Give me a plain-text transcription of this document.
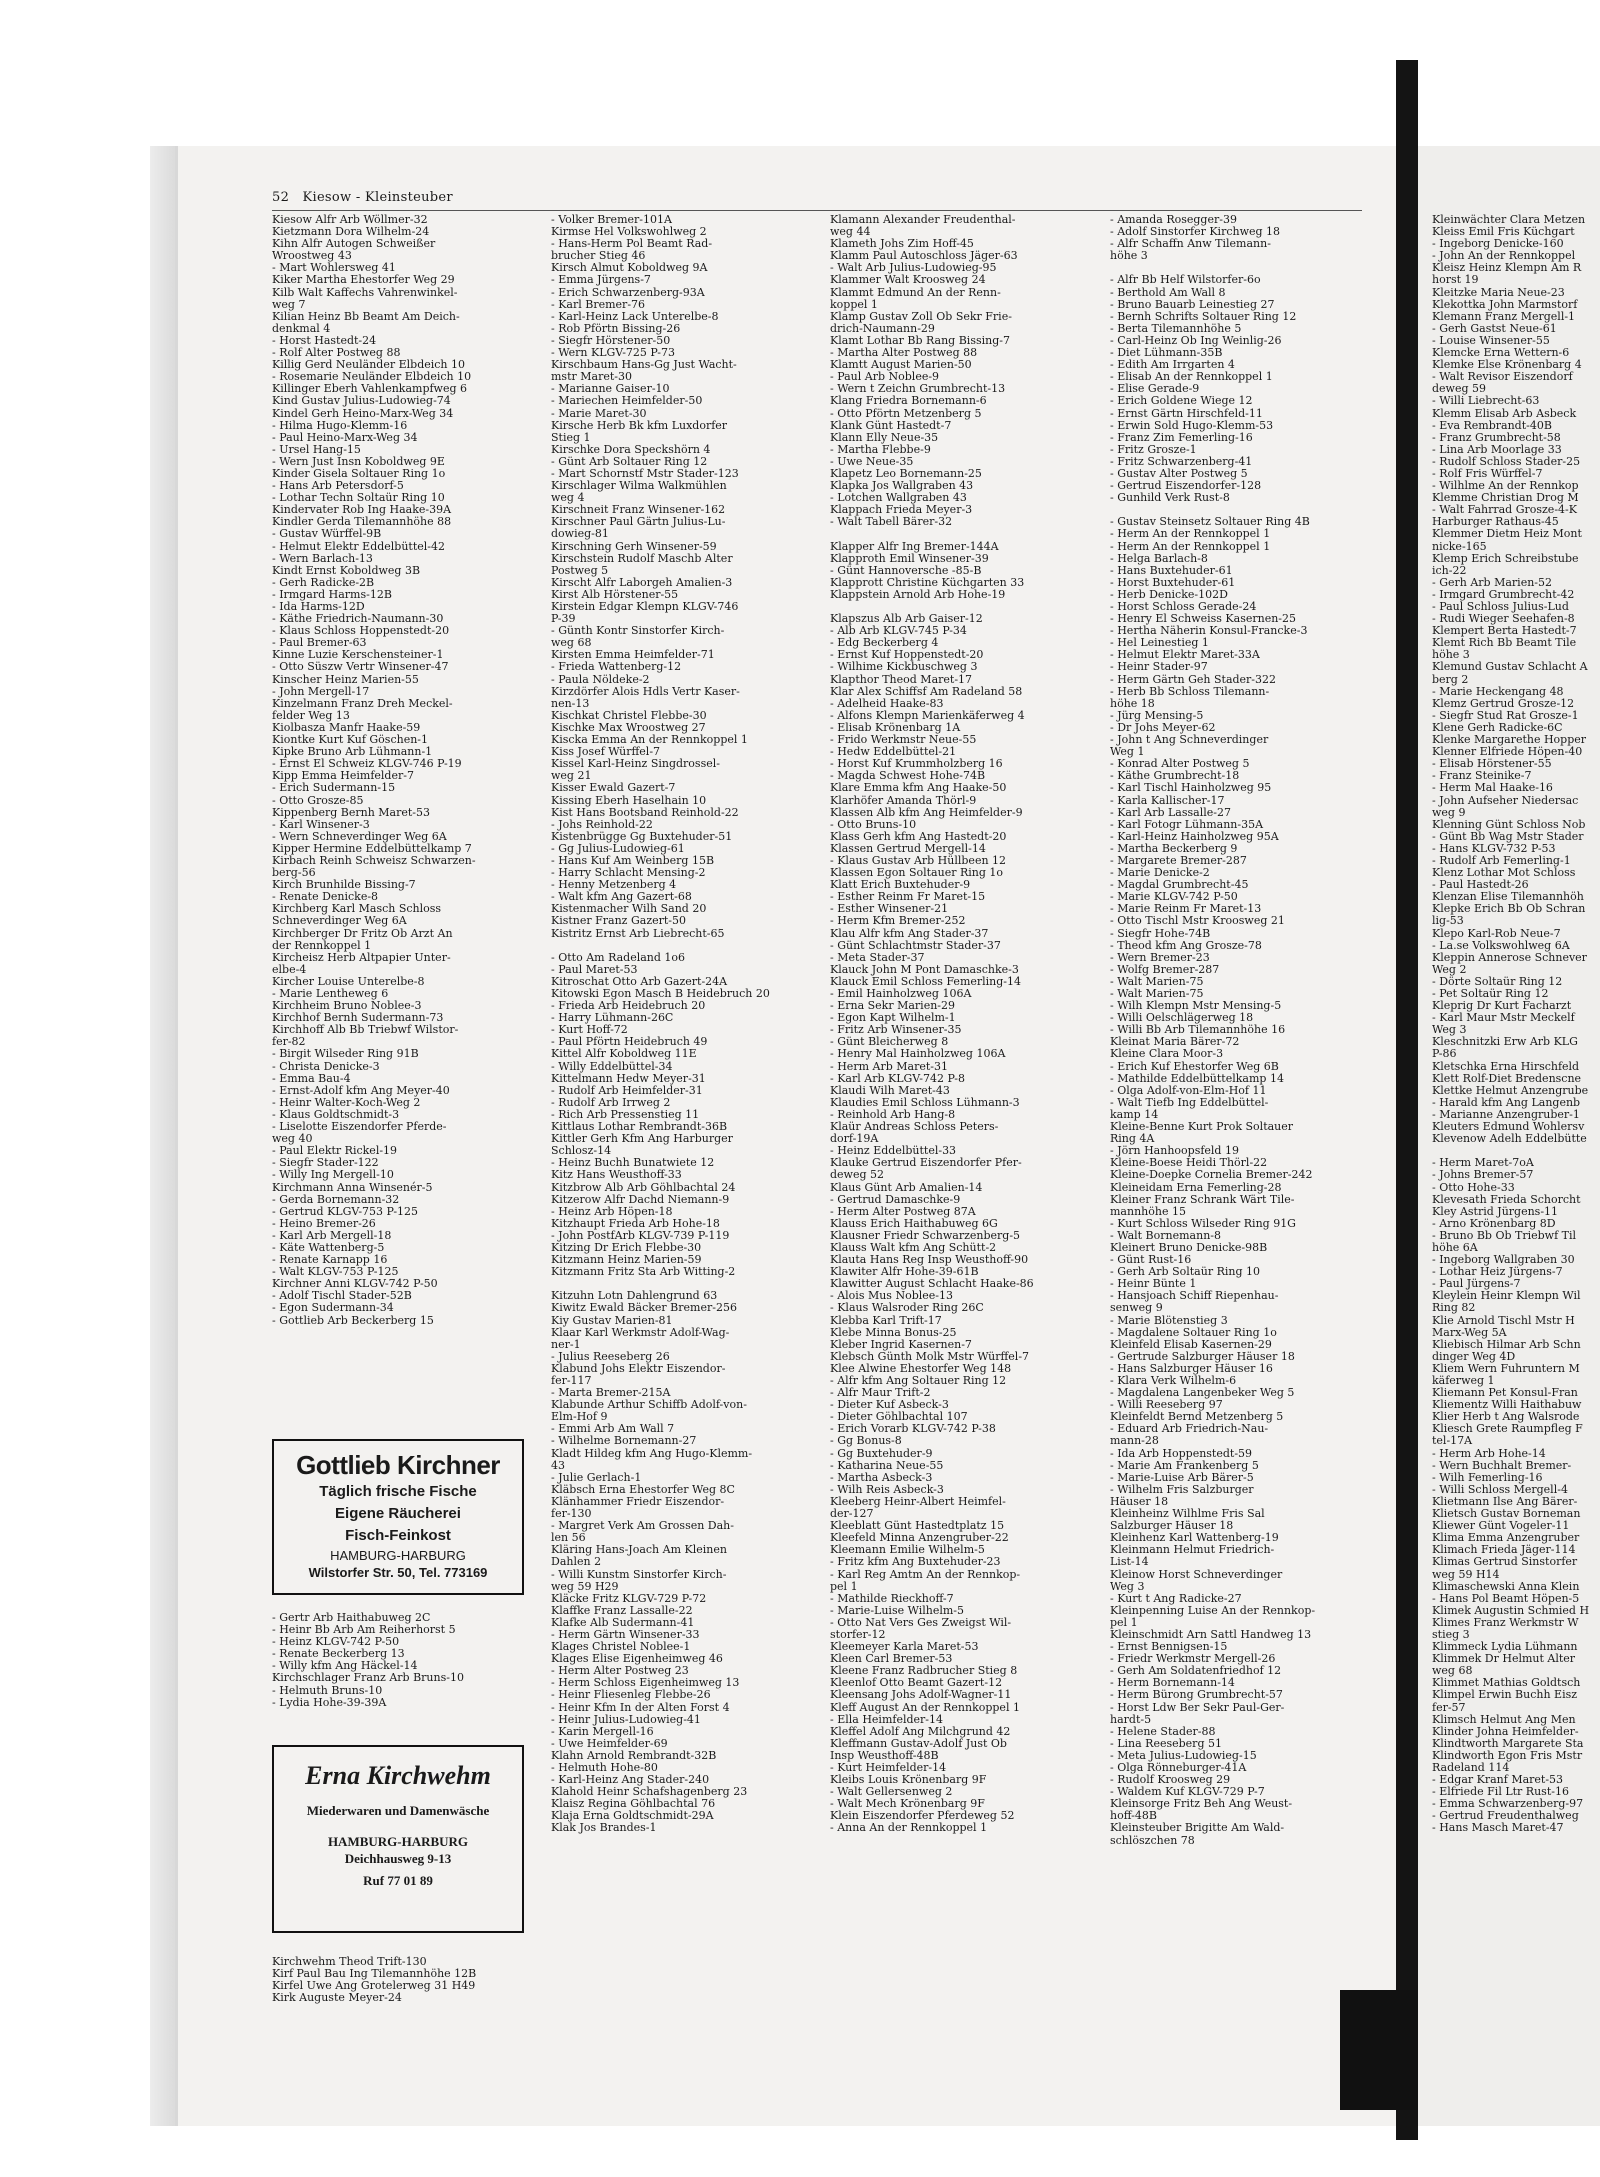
52 Kiesow - Kleinsteuber
Kiesow Alfr Arb Wöllmer-32
Kietzmann Dora Wilhelm-24
Kihn Alfr Autogen Schweißer
Wroostweg 43
- Mart Wohlersweg 41
Kiker Martha Ehestorfer Weg 29
Kilb Walt Kaffechs Vahrenwinkel-
weg 7
Kilian Heinz Bb Beamt Am Deich-
denkmal 4
- Horst Hastedt-24
- Rolf Alter Postweg 88
Killig Gerd Neuländer Elbdeich 10
- Rosemarie Neuländer Elbdeich 10
Killinger Eberh Vahlenkampfweg 6
Kind Gustav Julius-Ludowieg-74
Kindel Gerh Heino-Marx-Weg 34
- Hilma Hugo-Klemm-16
- Paul Heino-Marx-Weg 34
- Ursel Hang-15
- Wern Just Insn Koboldweg 9E
Kinder Gisela Soltauer Ring 1o
- Hans Arb Petersdorf-5
- Lothar Techn Soltaür Ring 10
Kindervater Rob Ing Haake-39A
Kindler Gerda Tilemannhöhe 88
- Gustav Würffel-9B
- Helmut Elektr Eddelbüttel-42
- Wern Barlach-13
Kindt Ernst Koboldweg 3B
- Gerh Radicke-2B
- Irmgard Harms-12B
- Ida Harms-12D
- Käthe Friedrich-Naumann-30
- Klaus Schloss Hoppenstedt-20
- Paul Bremer-63
Kinne Luzie Kerschensteiner-1
- Otto Süszw Vertr Winsener-47
Kinscher Heinz Marien-55
- John Mergell-17
Kinzelmann Franz Dreh Meckel-
felder Weg 13
Kiolbasza Manfr Haake-59
Kiontke Kurt Kuf Göschen-1
Kipke Bruno Arb Lühmann-1
- Ernst El Schweiz KLGV-746 P-19
Kipp Emma Heimfelder-7
- Erich Sudermann-15
- Otto Grosze-85
Kippenberg Bernh Maret-53
- Karl Winsener-3
- Wern Schneverdinger Weg 6A
Kipper Hermine Eddelbüttelkamp 7
Kirbach Reinh Schweisz Schwarzen-
berg-56
Kirch Brunhilde Bissing-7
- Renate Denicke-8
Kirchberg Karl Masch Schloss
Schneverdinger Weg 6A
Kirchberger Dr Fritz Ob Arzt An
der Rennkoppel 1
Kircheisz Herb Altpapier Unter-
elbe-4
Kircher Louise Unterelbe-8
- Marie Lentheweg 6
Kirchheim Bruno Noblee-3
Kirchhof Bernh Sudermann-73
Kirchhoff Alb Bb Triebwf Wilstor-
fer-82
- Birgit Wilseder Ring 91B
- Christa Denicke-3
- Emma Bau-4
- Ernst-Adolf kfm Ang Meyer-40
- Heinr Walter-Koch-Weg 2
- Klaus Goldtschmidt-3
- Liselotte Eiszendorfer Pferde-
weg 40
- Paul Elektr Rickel-19
- Siegfr Stader-122
- Willy Ing Mergell-10
Kirchmann Anna Winsenér-5
- Gerda Bornemann-32
- Gertrud KLGV-753 P-125
- Heino Bremer-26
- Karl Arb Mergell-18
- Käte Wattenberg-5
- Renate Karnapp 16
- Walt KLGV-753 P-125
Kirchner Anni KLGV-742 P-50
- Adolf Tischl Stader-52B
- Egon Sudermann-34
- Gottlieb Arb Beckerberg 15
Gottlieb Kirchner
Täglich frische Fische
Eigene Räucherei
Fisch-Feinkost
HAMBURG-HARBURG
Wilstorfer Str. 50, Tel. 773169
- Gertr Arb Haithabuweg 2C
- Heinr Bb Arb Am Reiherhorst 5
- Heinz KLGV-742 P-50
- Renate Beckerberg 13
- Willy kfm Ang Häckel-14
Kirchschlager Franz Arb Bruns-10
- Helmuth Bruns-10
- Lydia Hohe-39-39A
Erna Kirchwehm
Miederwaren und Damenwäsche
HAMBURG-HARBURG
Deichhausweg 9-13
Ruf 77 01 89
Kirchwehm Theod Trift-130
Kirf Paul Bau Ing Tilemannhöhe 12B
Kirfel Uwe Ang Grotelerweg 31 H49
Kirk Auguste Meyer-24
- Volker Bremer-101A
Kirmse Hel Volkswohlweg 2
- Hans-Herm Pol Beamt Rad-
brucher Stieg 46
Kirsch Almut Koboldweg 9A
- Emma Jürgens-7
- Erich Schwarzenberg-93A
- Karl Bremer-76
- Karl-Heinz Lack Unterelbe-8
- Rob Pförtn Bissing-26
- Siegfr Hörstener-50
- Wern KLGV-725 P-73
Kirschbaum Hans-Gg Just Wacht-
mstr Maret-30
- Marianne Gaiser-10
- Mariechen Heimfelder-50
- Marie Maret-30
Kirsche Herb Bk kfm Luxdorfer
Stieg 1
Kirschke Dora Speckshörn 4
- Günt Arb Soltauer Ring 12
- Mart Schornstf Mstr Stader-123
Kirschlager Wilma Walkmühlen
weg 4
Kirschneit Franz Winsener-162
Kirschner Paul Gärtn Julius-Lu-
dowieg-81
Kirschning Gerh Winsener-59
Kirschstein Rudolf Maschb Alter
Postweg 5
Kirscht Alfr Laborgeh Amalien-3
Kirst Alb Hörstener-55
Kirstein Edgar Klempn KLGV-746
P-39
- Günth Kontr Sinstorfer Kirch-
weg 68
Kirsten Emma Heimfelder-71
- Frieda Wattenberg-12
- Paula Nöldeke-2
Kirzdörfer Alois Hdls Vertr Kaser-
nen-13
Kischkat Christel Flebbe-30
Kischke Max Wroostweg 27
Kiscka Emma An der Rennkoppel 1
Kiss Josef Würffel-7
Kissel Karl-Heinz Singdrossel-
weg 21
Kisser Ewald Gazert-7
Kissing Eberh Haselhain 10
Kist Hans Bootsband Reinhold-22
- Johs Reinhold-22
Kistenbrügge Gg Buxtehuder-51
- Gg Julius-Ludowieg-61
- Hans Kuf Am Weinberg 15B
- Harry Schlacht Mensing-2
- Henny Metzenberg 4
- Walt kfm Ang Gazert-68
Kistenmacher Wilh Sand 20
Kistner Franz Gazert-50
Kistritz Ernst Arb Liebrecht-65

- Otto Am Radeland 1o6
- Paul Maret-53
Kitroschat Otto Arb Gazert-24A
Kitowski Egon Masch B Heidebruch 20
- Frieda Arb Heidebruch 20
- Harry Lühmann-26C
- Kurt Hoff-72
- Paul Pförtn Heidebruch 49
Kittel Alfr Koboldweg 11E
- Willy Eddelbüttel-34
Kittelmann Hedw Meyer-31
- Rudolf Arb Heimfelder-31
- Rudolf Arb Irrweg 2
- Rich Arb Pressenstieg 11
Kittlaus Lothar Rembrandt-36B
Kittler Gerh Kfm Ang Harburger
Schlosz-14
- Heinz Buchh Bunatwiete 12
Kitz Hans Weusthoff-33
Kitzbrow Alb Arb Göhlbachtal 24
Kitzerow Alfr Dachd Niemann-9
- Heinz Arb Höpen-18
Kitzhaupt Frieda Arb Hohe-18
- John PostfArb KLGV-739 P-119
Kitzing Dr Erich Flebbe-30
Kitzmann Heinz Marien-59
Kitzmann Fritz Sta Arb Witting-2

Kitzuhn Lotn Dahlengrund 63
Kiwitz Ewald Bäcker Bremer-256
Kiy Gustav Marien-81
Klaar Karl Werkmstr Adolf-Wag-
ner-1
- Julius Reeseberg 26
Klabund Johs Elektr Eiszendor-
fer-117
- Marta Bremer-215A
Klabunde Arthur Schiffb Adolf-von-
Elm-Hof 9
- Emmi Arb Am Wall 7
- Wilhelme Bornemann-27
Kladt Hildeg kfm Ang Hugo-Klemm-
43
- Julie Gerlach-1
Kläbsch Erna Ehestorfer Weg 8C
Klänhammer Friedr Eiszendor-
fer-130
- Margret Verk Am Grossen Dah-
len 56
Kläring Hans-Joach Am Kleinen
Dahlen 2
- Willi Kunstm Sinstorfer Kirch-
weg 59 H29
Kläcke Fritz KLGV-729 P-72
Klaffke Franz Lassalle-22
Klafke Alb Sudermann-41
- Herm Gärtn Winsener-33
Klages Christel Noblee-1
Klages Elise Eigenheimweg 46
- Herm Alter Postweg 23
- Herm Schloss Eigenheimweg 13
- Heinr Fliesenleg Flebbe-26
- Heinr Kfm In der Alten Forst 4
- Heinr Julius-Ludowieg-41
- Karin Mergell-16
- Uwe Heimfelder-69
Klahn Arnold Rembrandt-32B
- Helmuth Hohe-80
- Karl-Heinz Ang Stader-240
Klahold Heinr Schafshagenberg 23
Klaisz Regina Göhlbachtal 76
Klaja Erna Goldtschmidt-29A
Klak Jos Brandes-1
Klamann Alexander Freudenthal-
weg 44
Klameth Johs Zim Hoff-45
Klamm Paul Autoschloss Jäger-63
- Walt Arb Julius-Ludowieg-95
Klammer Walt Kroosweg 24
Klammt Edmund An der Renn-
koppel 1
Klamp Gustav Zoll Ob Sekr Frie-
drich-Naumann-29
Klamt Lothar Bb Rang Bissing-7
- Martha Alter Postweg 88
Klamtt August Marien-50
- Paul Arb Noblee-9
- Wern t Zeichn Grumbrecht-13
Klang Friedra Bornemann-6
- Otto Pförtn Metzenberg 5
Klank Günt Hastedt-7
Klann Elly Neue-35
- Martha Flebbe-9
- Uwe Neue-35
Klapetz Leo Bornemann-25
Klapka Jos Wallgraben 43
- Lotchen Wallgraben 43
Klappach Frieda Meyer-3
- Walt Tabell Bärer-32

Klapper Alfr Ing Bremer-144A
Klapproth Emil Winsener-39
- Günt Hannoversche -85-B
Klapprott Christine Küchgarten 33
Klappstein Arnold Arb Hohe-19

Klapszus Alb Arb Gaiser-12
- Alb Arb KLGV-745 P-34
- Edg Beckerberg 4
- Ernst Kuf Hoppenstedt-20
- Wilhime Kickbuschweg 3
Klapthor Theod Maret-17
Klar Alex Schiffsf Am Radeland 58
- Adelheid Haake-83
- Alfons Klempn Marienkäferweg 4
- Elisab Krönenbarg 1A
- Frido Werkmstr Neue-55
- Hedw Eddelbüttel-21
- Horst Kuf Krummholzberg 16
- Magda Schwest Hohe-74B
Klare Emma kfm Ang Haake-50
Klarhöfer Amanda Thörl-9
Klassen Alb kfm Ang Heimfelder-9
- Otto Bruns-10
Klass Gerh kfm Ang Hastedt-20
Klassen Gertrud Mergell-14
- Klaus Gustav Arb Hüllbeen 12
Klassen Egon Soltauer Ring 1o
Klatt Erich Buxtehuder-9
- Esther Reinm Fr Maret-15
- Esther Winsener-21
- Herm Kfm Bremer-252
Klau Alfr kfm Ang Stader-37
- Günt Schlachtmstr Stader-37
- Meta Stader-37
Klauck John M Pont Damaschke-3
Klauck Emil Schloss Femerling-14
- Emil Hainholzweg 106A
- Erna Sekr Marien-29
- Egon Kapt Wilhelm-1
- Fritz Arb Winsener-35
- Günt Bleicherweg 8
- Henry Mal Hainholzweg 106A
- Herm Arb Maret-31
- Karl Arb KLGV-742 P-8
Klaudi Wilh Maret-43
Klaudies Emil Schloss Lühmann-3
- Reinhold Arb Hang-8
Klaür Andreas Schloss Peters-
dorf-19A
- Heinz Eddelbüttel-33
Klauke Gertrud Eiszendorfer Pfer-
deweg 52
Klaus Günt Arb Amalien-14
- Gertrud Damaschke-9
- Herm Alter Postweg 87A
Klauss Erich Haithabuweg 6G
Klausner Friedr Schwarzenberg-5
Klauss Walt kfm Ang Schütt-2
Klauta Hans Reg Insp Weusthoff-90
Klawiter Alfr Hohe-39-61B
Klawitter August Schlacht Haake-86
- Alois Mus Noblee-13
- Klaus Walsroder Ring 26C
Klebba Karl Trift-17
Klebe Minna Bonus-25
Kleber Ingrid Kasernen-7
Klebsch Günth Molk Mstr Würffel-7
Klee Alwine Ehestorfer Weg 148
- Alfr kfm Ang Soltauer Ring 12
- Alfr Maur Trift-2
- Dieter Kuf Asbeck-3
- Dieter Göhlbachtal 107
- Erich Vorarb KLGV-742 P-38
- Gg Bonus-8
- Gg Buxtehuder-9
- Katharina Neue-55
- Martha Asbeck-3
- Wilh Reis Asbeck-3
Kleeberg Heinr-Albert Heimfel-
der-127
Kleeblatt Günt Hastedtplatz 15
Kleefeld Minna Anzengruber-22
Kleemann Emilie Wilhelm-5
- Fritz kfm Ang Buxtehuder-23
- Karl Reg Amtm An der Rennkop-
pel 1
- Mathilde Rieckhoff-7
- Marie-Luise Wilhelm-5
- Otto Nat Vers Ges Zweigst Wil-
storfer-12
Kleemeyer Karla Maret-53
Kleen Carl Bremer-53
Kleene Franz Radbrucher Stieg 8
Kleenlof Otto Beamt Gazert-12
Kleensang Johs Adolf-Wagner-11
Kleff August An der Rennkoppel 1
- Ella Heimfelder-14
Kleffel Adolf Ang Milchgrund 42
Kleffmann Gustav-Adolf Just Ob
Insp Weusthoff-48B
- Kurt Heimfelder-14
Kleibs Louis Krönenbarg 9F
- Walt Gellersenweg 2
- Walt Mech Krönenbarg 9F
Klein Eiszendorfer Pferdeweg 52
- Anna An der Rennkoppel 1
- Amanda Rosegger-39
- Adolf Sinstorfer Kirchweg 18
- Alfr Schaffn Anw Tilemann-
höhe 3

- Alfr Bb Helf Wilstorfer-6o
- Berthold Am Wall 8
- Bruno Bauarb Leinestieg 27
- Bernh Schrifts Soltauer Ring 12
- Berta Tilemannhöhe 5
- Carl-Heinz Ob Ing Weinlig-26
- Diet Lühmann-35B
- Edith Am Irrgarten 4
- Elisab An der Rennkoppel 1
- Elise Gerade-9
- Erich Goldene Wiege 12
- Ernst Gärtn Hirschfeld-11
- Erwin Sold Hugo-Klemm-53
- Franz Zim Femerling-16
- Fritz Grosze-1
- Fritz Schwarzenberg-41
- Gustav Alter Postweg 5
- Gertrud Eiszendorfer-128
- Gunhild Verk Rust-8

- Gustav Steinsetz Soltauer Ring 4B
- Herm An der Rennkoppel 1
- Herm An der Rennkoppel 1
- Helga Barlach-8
- Hans Buxtehuder-61
- Horst Buxtehuder-61
- Herb Denicke-102D
- Horst Schloss Gerade-24
- Henry El Schweiss Kasernen-25
- Hertha Näherin Konsul-Francke-3
- Hel Leinestieg 1
- Helmut Elektr Maret-33A
- Heinr Stader-97
- Herm Gärtn Geh Stader-322
- Herb Bb Schloss Tilemann-
höhe 18
- Jürg Mensing-5
- Dr Johs Meyer-62
- John t Ang Schneverdinger
Weg 1
- Konrad Alter Postweg 5
- Käthe Grumbrecht-18
- Karl Tischl Hainholzweg 95
- Karla Kallischer-17
- Karl Arb Lassalle-27
- Karl Fotogr Lühmann-35A
- Karl-Heinz Hainholzweg 95A
- Martha Beckerberg 9
- Margarete Bremer-287
- Marie Denicke-2
- Magdal Grumbrecht-45
- Marie KLGV-742 P-50
- Marie Reinm Fr Maret-13
- Otto Tischl Mstr Kroosweg 21
- Siegfr Hohe-74B
- Theod kfm Ang Grosze-78
- Wern Bremer-23
- Wolfg Bremer-287
- Walt Marien-75
- Walt Marien-75
- Wilh Klempn Mstr Mensing-5
- Willi Oelschlägerweg 18
- Willi Bb Arb Tilemannhöhe 16
Kleinat Maria Bärer-72
Kleine Clara Moor-3
- Erich Kuf Ehestorfer Weg 6B
- Mathilde Eddelbüttelkamp 14
- Olga Adolf-von-Elm-Hof 11
- Walt Tiefb Ing Eddelbüttel-
kamp 14
Kleine-Benne Kurt Prok Soltauer
Ring 4A
- Jörn Hanhoopsfeld 19
Kleine-Boese Heidi Thörl-22
Kleine-Doepke Cornelia Bremer-242
Kleineidam Erna Femerling-28
Kleiner Franz Schrank Wärt Tile-
mannhöhe 15
- Kurt Schloss Wilseder Ring 91G
- Walt Bornemann-8
Kleinert Bruno Denicke-98B
- Günt Rust-16
- Gerh Arb Soltaür Ring 10
- Heinr Bünte 1
- Hansjoach Schiff Riepenhau-
senweg 9
- Marie Blötenstieg 3
- Magdalene Soltauer Ring 1o
Kleinfeld Elisab Kasernen-29
- Gertrude Salzburger Häuser 18
- Hans Salzburger Häuser 16
- Klara Verk Wilhelm-6
- Magdalena Langenbeker Weg 5
- Willi Reeseberg 97
Kleinfeldt Bernd Metzenberg 5
- Eduard Arb Friedrich-Nau-
mann-28
- Ida Arb Hoppenstedt-59
- Marie Am Frankenberg 5
- Marie-Luise Arb Bärer-5
- Wilhelm Fris Salzburger
Häuser 18
Kleinheinz Wilhlme Fris Sal
Salzburger Häuser 18
Kleinhenz Karl Wattenberg-19
Kleinmann Helmut Friedrich-
List-14
Kleinow Horst Schneverdinger
Weg 3
- Kurt t Ang Radicke-27
Kleinpenning Luise An der Rennkop-
pel 1
Kleinschmidt Arn Sattl Handweg 13
- Ernst Bennigsen-15
- Friedr Werkmstr Mergell-26
- Gerh Am Soldatenfriedhof 12
- Herm Bornemann-14
- Herm Bürong Grumbrecht-57
- Horst Ldw Ber Sekr Paul-Ger-
hardt-5
- Helene Stader-88
- Lina Reeseberg 51
- Meta Julius-Ludowieg-15
- Olga Rönneburger-41A
- Rudolf Kroosweg 29
- Waldem Kuf KLGV-729 P-7
Kleinsorge Fritz Beh Ang Weust-
hoff-48B
Kleinsteuber Brigitte Am Wald-
schlöszchen 78
Kleinwächter Clara Metzen
Kleiss Emil Fris Küchgart
- Ingeborg Denicke-160
- John An der Rennkoppel
Kleisz Heinz Klempn Am R
horst 19
Kleitzke Maria Neue-23
Klekottka John Marmstorf
Klemann Franz Mergell-1
- Gerh Gastst Neue-61
- Louise Winsener-55
Klemcke Erna Wettern-6
Klemke Else Krönenbarg 4
- Walt Revisor Eiszendorf
deweg 59
- Willi Liebrecht-63
Klemm Elisab Arb Asbeck
- Eva Rembrandt-40B
- Franz Grumbrecht-58
- Lina Arb Moorlage 33
- Rudolf Schloss Stader-25
- Rolf Fris Würffel-7
- Wilhlme An der Rennkop
Klemme Christian Drog M
- Walt Fahrrad Grosze-4-K
Harburger Rathaus-45
Klemmer Dietm Heiz Mont
nicke-165
Klemp Erich Schreibstube
ich-22
- Gerh Arb Marien-52
- Irmgard Grumbrecht-42
- Paul Schloss Julius-Lud
- Rudi Wieger Seehafen-8
Klempert Berta Hastedt-7
Klemt Rich Bb Beamt Tile
höhe 3
Klemund Gustav Schlacht A
berg 2
- Marie Heckengang 48
Klemz Gertrud Grosze-12
- Siegfr Stud Rat Grosze-1
Klene Gerh Radicke-6C
Klenke Margarethe Hopper
Klenner Elfriede Höpen-40
- Elisab Hörstener-55
- Franz Steinike-7
- Herm Mal Haake-16
- John Aufseher Niedersac
weg 9
Klenning Günt Schloss Nob
- Günt Bb Wag Mstr Stader
- Hans KLGV-732 P-53
- Rudolf Arb Femerling-1
Klenz Lothar Mot Schloss
- Paul Hastedt-26
Klenzan Elise Tilemannhöh
Klepke Erich Bb Ob Schran
lig-53
Klepo Karl-Rob Neue-7
- La.se Volkswohlweg 6A
Kleppin Annerose Schnever
Weg 2
- Dörte Soltaür Ring 12
- Pet Soltaür Ring 12
Kleprig Dr Kurt Facharzt
- Karl Maur Mstr Meckelf
Weg 3
Kleschnitzki Erw Arb KLG
P-86
Kletschka Erna Hirschfeld
Klett Rolf-Diet Bredenscne
Klettke Helmut Anzengrube
- Harald kfm Ang Langenb
- Marianne Anzengruber-1
Kleuters Edmund Wohlersv
Klevenow Adelh Eddelbütte

- Herm Maret-7oA
- Johns Bremer-57
- Otto Hohe-33
Klevesath Frieda Schorcht
Kley Astrid Jürgens-11
- Arno Krönenbarg 8D
- Bruno Bb Ob Triebwf Til
höhe 6A
- Ingeborg Wallgraben 30
- Lothar Heiz Jürgens-7
- Paul Jürgens-7
Kleylein Heinr Klempn Wil
Ring 82
Klie Arnold Tischl Mstr H
Marx-Weg 5A
Kliebisch Hilmar Arb Schn
dinger Weg 4D
Kliem Wern Fuhruntern M
käferweg 1
Kliemann Pet Konsul-Fran
Kliementz Willi Haithabuw
Klier Herb t Ang Walsrode
Kliesch Grete Raumpfleg F
tel-17A
- Herm Arb Hohe-14
- Wern Buchhalt Bremer-
- Wilh Femerling-16
- Willi Schloss Mergell-4
Klietmann Ilse Ang Bärer-
Klietsch Gustav Borneman
Kliewer Günt Vogeler-11
Klima Emma Anzengruber
Klimach Frieda Jäger-114
Klimas Gertrud Sinstorfer
weg 59 H14
Klimaschewski Anna Klein
- Hans Pol Beamt Höpen-5
Klimek Augustin Schmied H
Klimes Franz Werkmstr W
stieg 3
Klimmeck Lydia Lühmann
Klimmek Dr Helmut Alter
weg 68
Klimmet Mathias Goldtsch
Klimpel Erwin Buchh Eisz
fer-57
Klimsch Helmut Ang Men
Klinder Johna Heimfelder-
Klindtworth Margarete Sta
Klindworth Egon Fris Mstr
Radeland 114
- Edgar Kranf Maret-53
- Elfriede Fil Ltr Rust-16
- Emma Schwarzenberg-97
- Gertrud Freudenthalweg
- Hans Masch Maret-47
